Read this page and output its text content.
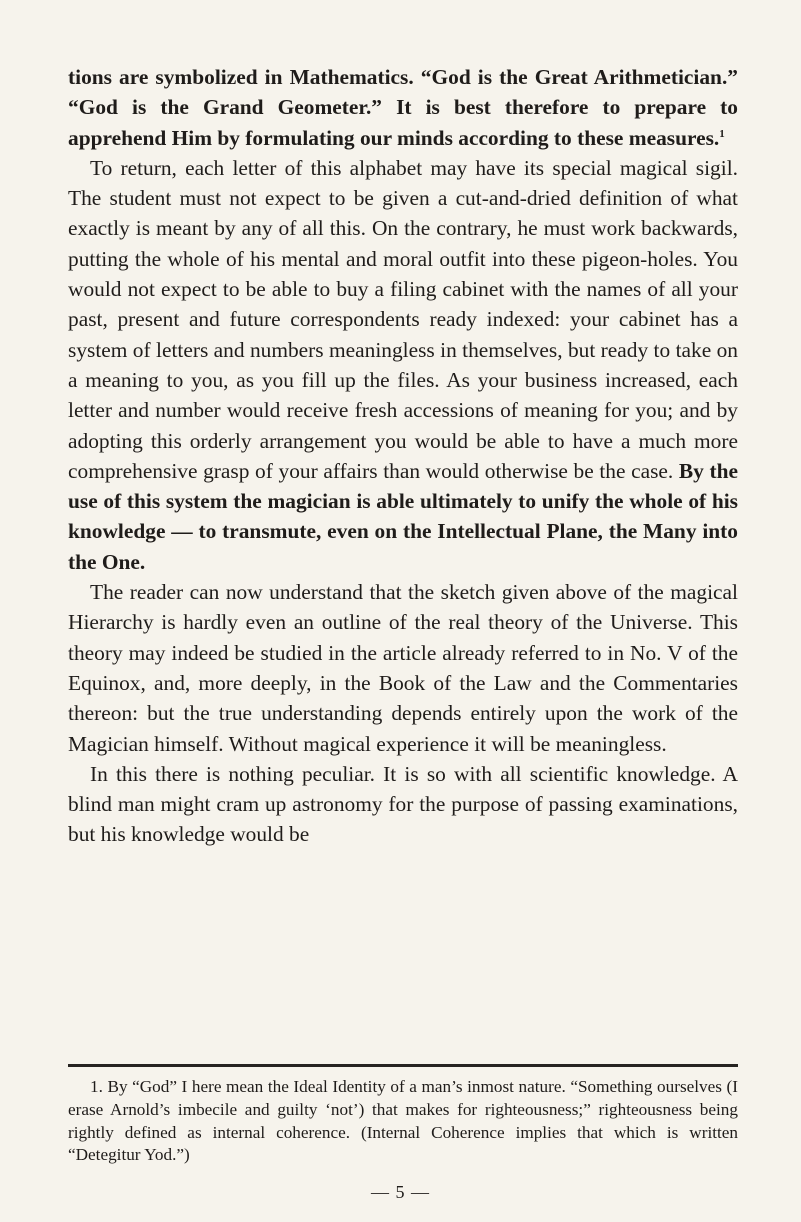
tions are symbolized in Mathematics. “God is the Great Arithmetician.” “God is the Grand Geometer.” It is best therefore to prepare to apprehend Him by formulating our minds according to these measures.$^1$

To return, each letter of this alphabet may have its special magical sigil. The student must not expect to be given a cut-and-dried definition of what exactly is meant by any of all this. On the contrary, he must work backwards, putting the whole of his mental and moral outfit into these pigeon-holes. You would not expect to be able to buy a filing cabinet with the names of all your past, present and future correspondents ready indexed: your cabinet has a system of letters and numbers meaningless in themselves, but ready to take on a meaning to you, as you fill up the files. As your business increased, each letter and number would receive fresh accessions of meaning for you; and by adopting this orderly arrangement you would be able to have a much more comprehensive grasp of your affairs than would otherwise be the case. By the use of this system the magician is able ultimately to unify the whole of his knowledge — to transmute, even on the Intellectual Plane, the Many into the One.

The reader can now understand that the sketch given above of the magical Hierarchy is hardly even an outline of the real theory of the Universe. This theory may indeed be studied in the article already referred to in No. V of the Equinox, and, more deeply, in the Book of the Law and the Commentaries thereon: but the true understanding depends entirely upon the work of the Magician himself. Without magical experience it will be meaningless.

In this there is nothing peculiar. It is so with all scientific knowledge. A blind man might cram up astronomy for the purpose of passing examinations, but his knowledge would be

1. By “God” I here mean the Ideal Identity of a man’s inmost nature. “Something ourselves (I erase Arnold’s imbecile and guilty ‘not’) that makes for righteousness;” righteousness being rightly defined as internal coherence. (Internal Coherence implies that which is written “Detegitur Yod.”)
— 5 —
